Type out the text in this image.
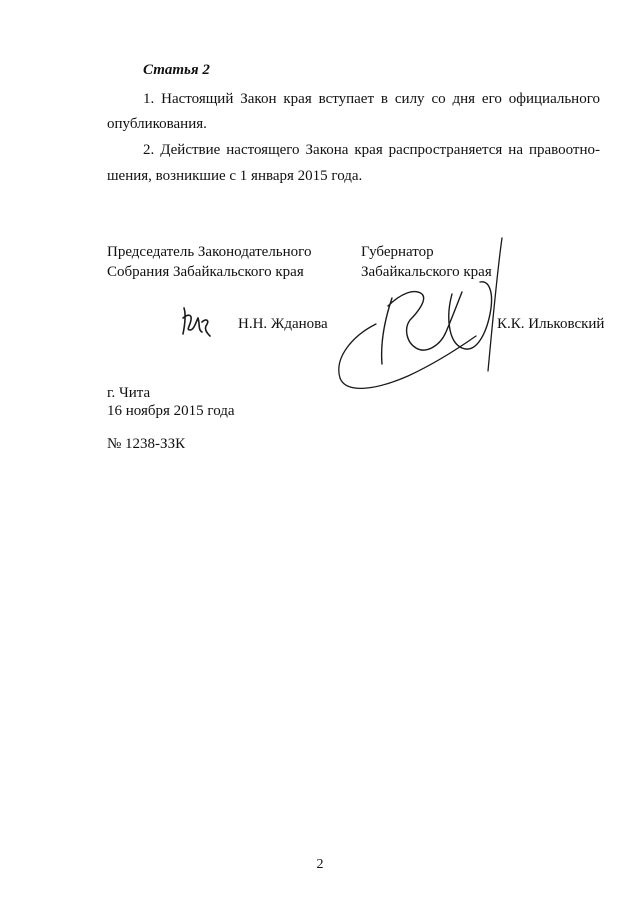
Статья 2
1. Настоящий Закон края вступает в силу со дня его официального
опубликования.
2. Действие настоящего Закона края распространяется на правоотно-
шения, возникшие с 1 января 2015 года.
Председатель Законодательного
Собрания Забайкальского края
Губернатор
Забайкальского края
Н.Н. Жданова	К.К. Ильковский
г. Чита
16 ноября 2015 года
№ 1238-ЗЗК
2
